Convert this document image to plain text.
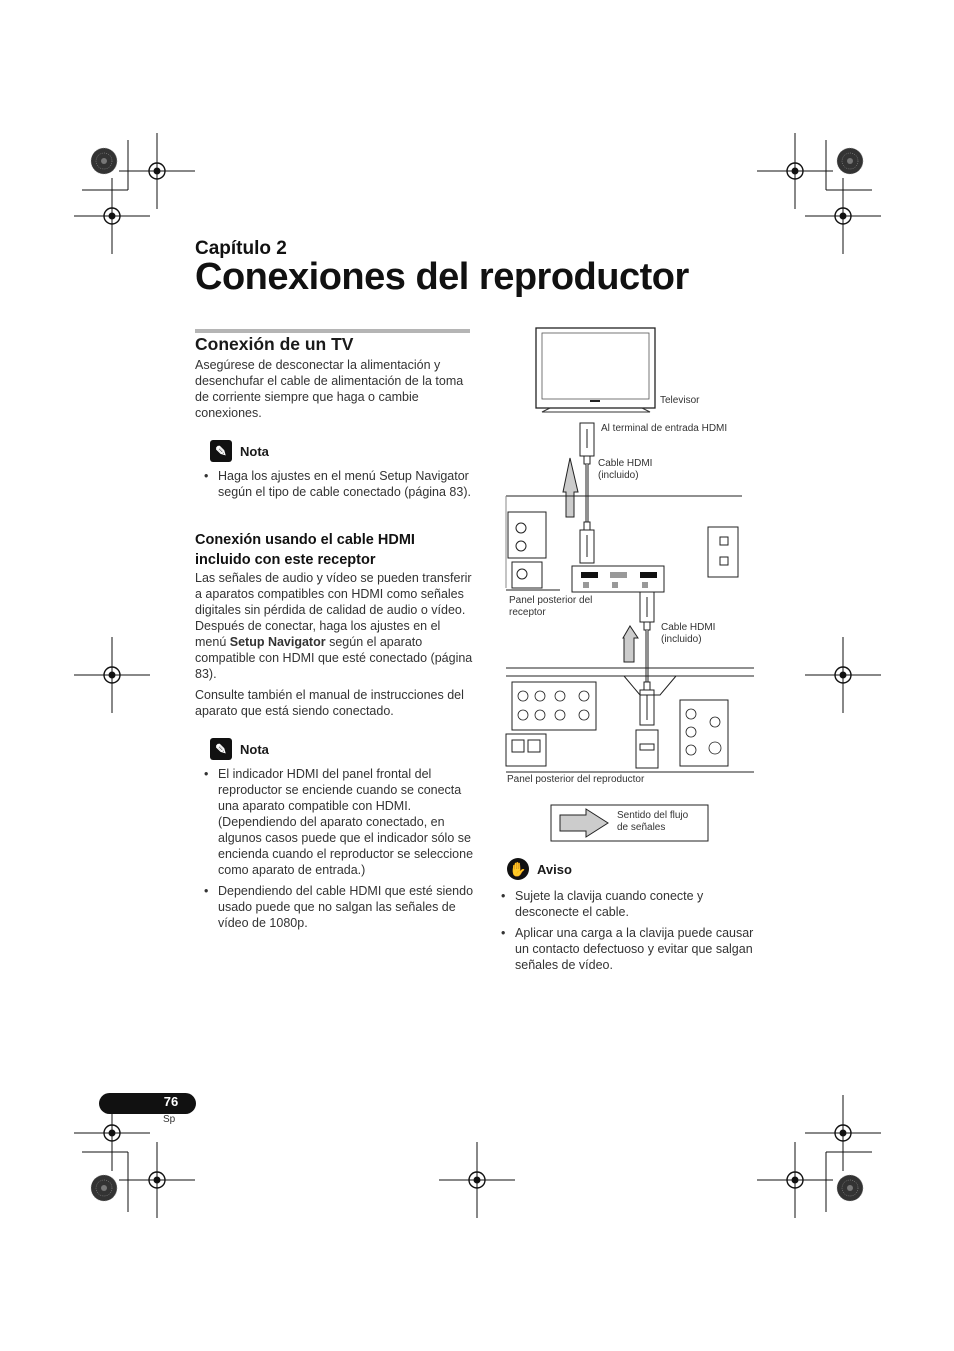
Capítulo 2
Conexiones del reproductor
Conexión de un TV
Asegúrese de desconectar la alimentación y desenchufar el cable de alimentación de la toma de corriente siempre que haga o cambie conexiones.
✎	Nota
• Haga los ajustes en el menú Setup Navigator según el tipo de cable conectado (página 83).
Conexión usando el cable HDMI incluido con este receptor
Las señales de audio y vídeo se pueden transferir a aparatos compatibles con HDMI como señales digitales sin pérdida de calidad de audio o vídeo. Después de conectar, haga los ajustes en el menú Setup Navigator según el aparato compatible con HDMI que esté conectado (página 83).
Consulte también el manual de instrucciones del aparato que está siendo conectado.
✎	Nota
• El indicador HDMI del panel frontal del reproductor se enciende cuando se conecta una aparato compatible con HDMI. (Dependiendo del aparato conectado, en algunos casos puede que el indicador sólo se encienda cuando el reproductor se seleccione como aparato de entrada.)
• Dependiendo del cable HDMI que esté siendo usado puede que no salgan las señales de vídeo de 1080p.
Televisor
Al terminal de entrada HDMI
Cable HDMI
(incluido)
Panel posterior del
receptor
Cable HDMI
(incluido)
Panel posterior del reproductor
Sentido del flujo
de señales
✋ Aviso
• Sujete la clavija cuando conecte y desconecte el cable.
• Aplicar una carga a la clavija puede causar un contacto defectuoso y evitar que salgan señales de vídeo.
76
Sp
